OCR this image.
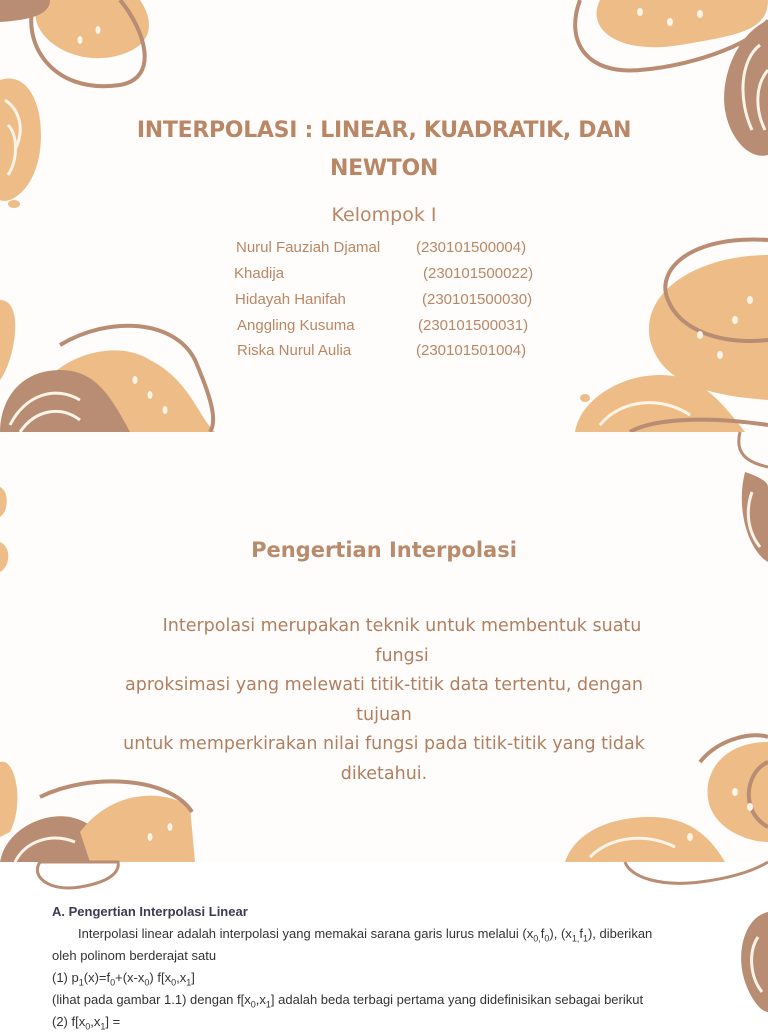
INTERPOLASI : LINEAR, KUADRATIK, DAN
NEWTON
Kelompok I
Nurul Fauziah Djamal (230101500004)
Khadija	(230101500022)
Hidayah Hanifah	(230101500030)
Anggling Kusuma	(230101500031)
Riska Nurul Aulia	(230101501004)
Pengertian Interpolasi
Interpolasi merupakan teknik untuk membentuk suatu fungsi
aproksimasi yang melewati titik-titik data tertentu, dengan tujuan
untuk memperkirakan nilai fungsi pada titik-titik yang tidak
diketahui.
A. Pengertian Interpolasi Linear
Interpolasi linear adalah interpolasi yang memakai sarana garis lurus melalui $(x_{0,}f_0)$, $(x_{1,}f_1)$, diberikan
oleh polinom berderajat satu
(1) $p_1(x)=f_0+(x-x_0)$ $f[x_0,x_1]$
(lihat pada gambar 1.1) dengan $f[x_0,x_1]$ adalah beda terbagi pertama yang didefinisikan sebagai berikut
(2) $f[x_0,x_1]$ =
